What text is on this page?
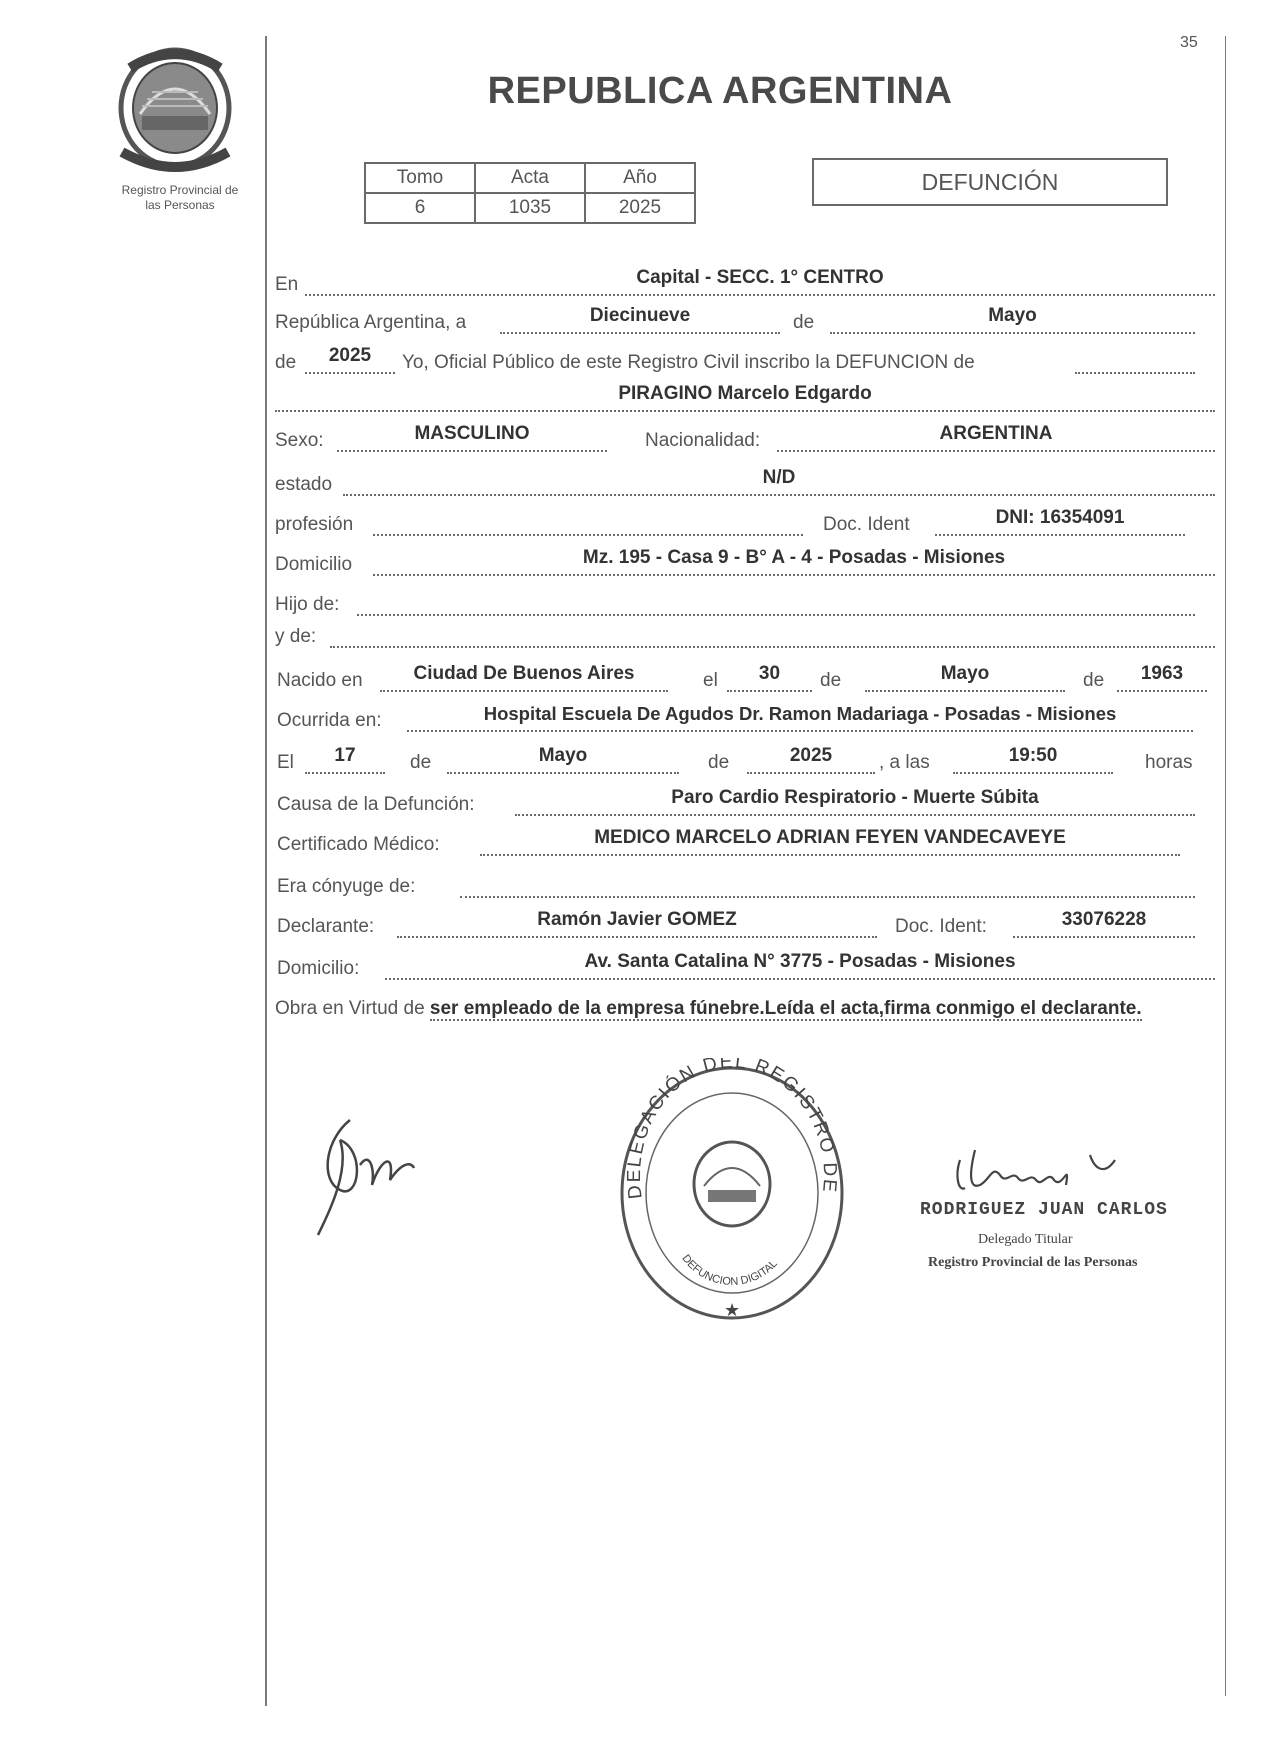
35
Registro Provincial de
las Personas
REPUBLICA ARGENTINA
Tomo	Acta	Año
6	1035	2025
DEFUNCIÓN
En	Capital - SECC. 1° CENTRO
República Argentina, a	Diecinueve	de	Mayo
de	2025	Yo, Oficial Público de este Registro Civil inscribo la DEFUNCION de
PIRAGINO Marcelo Edgardo
Sexo:	MASCULINO	Nacionalidad:	ARGENTINA
estado	N/D
profesión	Doc. Ident	DNI: 16354091
Domicilio	Mz. 195 - Casa 9 - B° A - 4 - Posadas - Misiones
Hijo de:
y de:
Nacido en	Ciudad De Buenos Aires	el	30	de	Mayo	de	1963
Ocurrida en:	Hospital Escuela De Agudos Dr. Ramon Madariaga - Posadas - Misiones
El	17	de	Mayo	de	2025	, a las	19:50	horas
Causa de la Defunción:	Paro Cardio Respiratorio - Muerte Súbita
Certificado Médico:	MEDICO MARCELO ADRIAN FEYEN VANDECAVEYE
Era cónyuge de:
Declarante:	Ramón Javier GOMEZ	Doc. Ident:	33076228
Domicilio:	Av. Santa Catalina N° 3775 - Posadas - Misiones
Obra en Virtud de ser empleado de la empresa fúnebre.Leída el acta,firma conmigo el declarante.
DELEGACIÓN DEL REGISTRO DE
DEFUNCION DIGITAL
★
RODRIGUEZ JUAN CARLOS
Delegado Titular
Registro Provincial de las Personas
